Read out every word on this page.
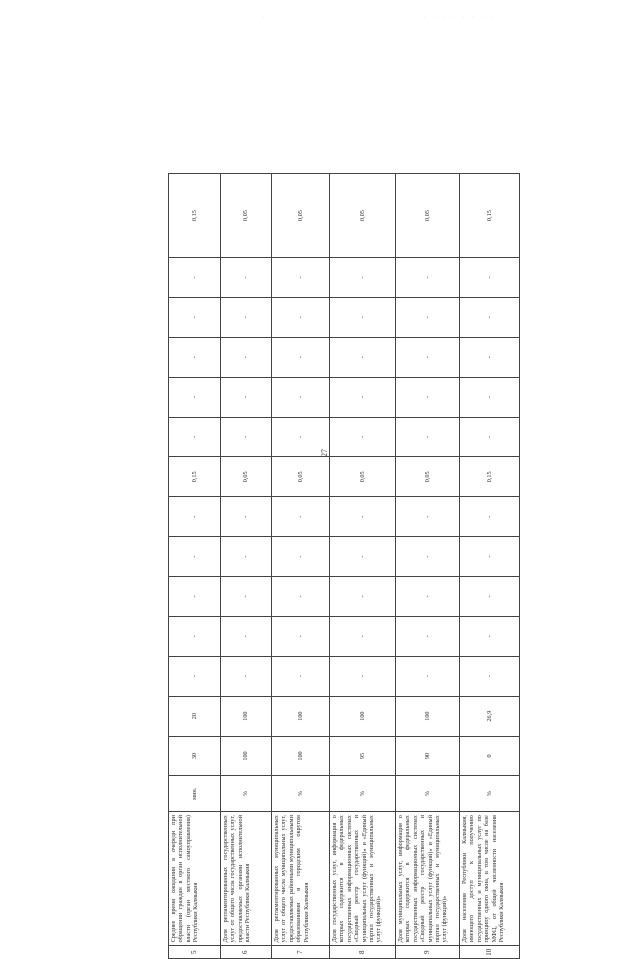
·	· · · · · · · ·
27
5	Среднее время ожидания в очереди при обращении граждан в орган исполнительной власти (орган местного самоуправления) Республики Калмыкия	мин.	30	20	-	-	-	-	-	0,15	-	-	-	-	-	0,15
6	Доля регламентированных государственных услуг от общего числа государственных услуг, предоставляемых органами исполнительной власти Республики Калмыкия	%	100	100	-	-	-	-	-	0,05	-	-	-	-	-	0,05
7	Доля регламентированных муниципальных услуг от общего числа муниципальных услуг, предоставляемых районными муниципальными образованиями и городским округом Республики Калмыкия	%	100	100	-	-	-	-	-	0,05	-	-	-	-	-	0,05
8	Доля государственных услуг, информация о которых содержится в федеральных государственных информационных системах «Сводный реестр государственных и муниципальных услуг (функций)» и «Единый портал государственных и муниципальных услуг (функций)»	%	95	100	-	-	-	-	-	0,05	-	-	-	-	-	0,05
9	Доля муниципальных услуг, информация о которых содержится в федеральных государственных информационных системах «Сводный реестр государственных и муниципальных услуг (функций)» и «Единый портал государственных и муниципальных услуг (функций)»	%	90	100	-	-	-	-	-	0,05	-	-	-	-	-	0,05
10	Доля населения Республики Калмыкия, имеющего доступ к получению государственных и муниципальных услуг по принципу одного окна, в том числе на базе МФЦ, от общей численности населения Республики Калмыкия	%	0	26,9	-	-	-	-	-	0,15	-	-	-	-	-	0,15
